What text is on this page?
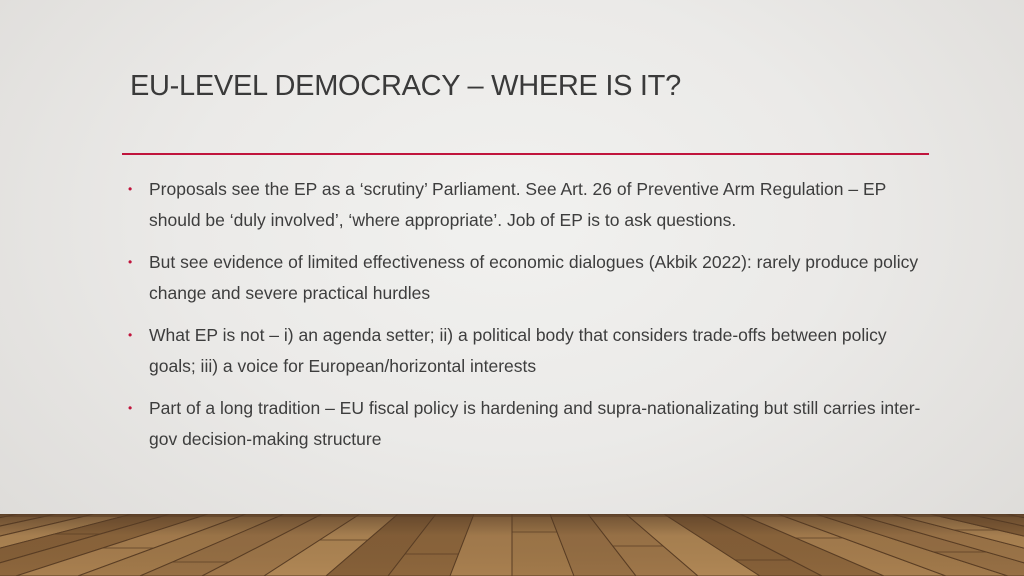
EU-LEVEL DEMOCRACY – WHERE IS IT?
• Proposals see the EP as a ‘scrutiny’ Parliament. See Art. 26 of Preventive Arm Regulation – EP should be ‘duly involved’, ‘where appropriate’. Job of EP is to ask questions.
• But see evidence of limited effectiveness of economic dialogues (Akbik 2022): rarely produce policy change and severe practical hurdles
• What EP is not – i) an agenda setter; ii) a political body that considers trade-offs between policy goals; iii) a voice for European/horizontal interests
• Part of a long tradition – EU fiscal policy is hardening and supra-nationalizating but still carries inter-gov decision-making structure
